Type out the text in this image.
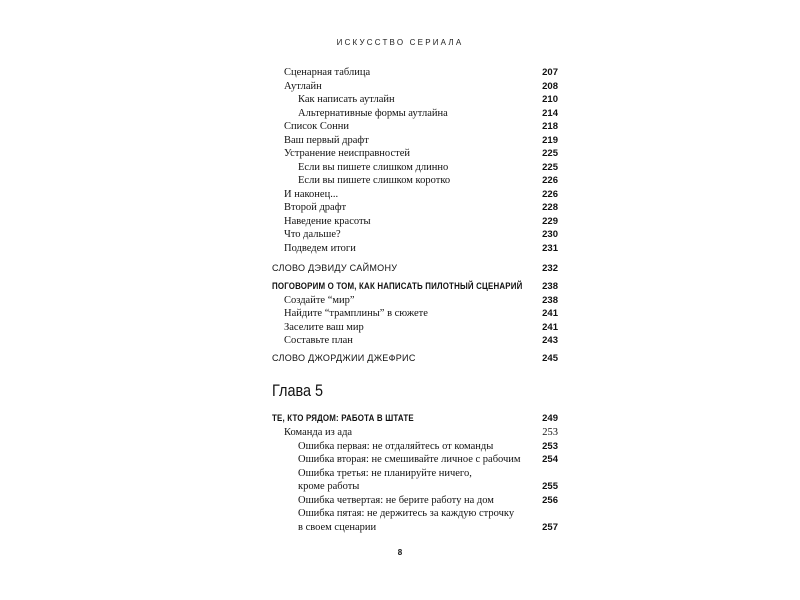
ИСКУССТВО СЕРИАЛА
Сценарная таблица	207
Аутлайн	208
Как написать аутлайн	210
Альтернативные формы аутлайна	214
Список Сонни	218
Ваш первый драфт	219
Устранение неисправностей	225
Если вы пишете слишком длинно	225
Если вы пишете слишком коротко	226
И наконец...	226
Второй драфт	228
Наведение красоты	229
Что дальше?	230
Подведем итоги	231
СЛОВО ДЭВИДУ САЙМОНУ	232
ПОГОВОРИМ О ТОМ, КАК НАПИСАТЬ ПИЛОТНЫЙ СЦЕНАРИЙ 238
Создайте “мир”	238
Найдите “трамплины” в сюжете	241
Заселите ваш мир	241
Составьте план	243
СЛОВО ДЖОРДЖИИ ДЖЕФРИС	245
ТЕ, КТО РЯДОМ: РАБОТА В ШТАТЕ	249
Команда из ада	253
Ошибка первая: не отдаляйтесь от команды	253
Ошибка вторая: не смешивайте личное с рабочим 254
Ошибка третья: не планируйте ничего,
кроме работы	255
Ошибка четвертая: не берите работу на дом	256
Ошибка пятая: не держитесь за каждую строчку
в своем сценарии	257
Глава 5
8
